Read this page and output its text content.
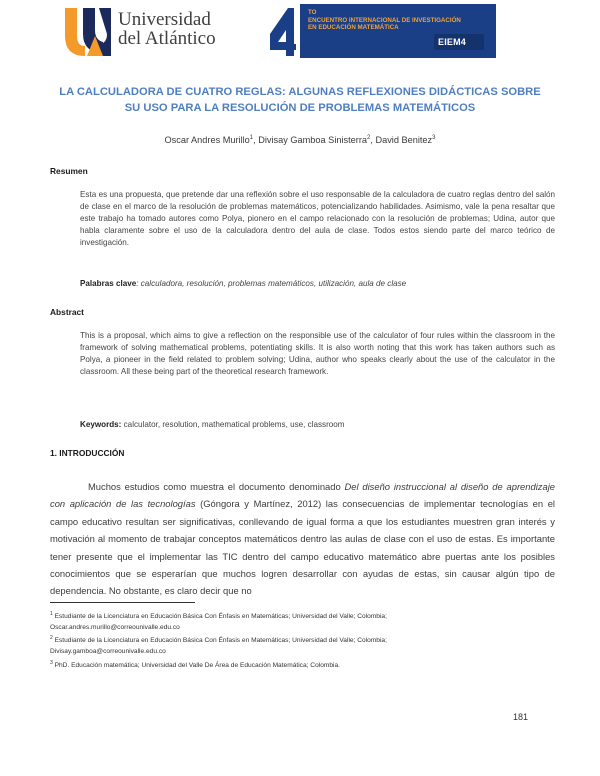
Universidad
del Atlántico
TO
ENCUENTRO INTERNACIONAL DE INVESTIGACIÓN
EN EDUCACIÓN MATEMÁTICA
EIEM4
LA CALCULADORA DE CUATRO REGLAS: ALGUNAS REFLEXIONES DIDÁCTICAS SOBRE
SU USO PARA LA RESOLUCIÓN DE PROBLEMAS MATEMÁTICOS
Oscar Andres Murillo$^1$, Divisay Gamboa Sinisterra$^2$, David Benitez$^3$
Resumen
Esta es una propuesta, que pretende dar una reflexión sobre el uso responsable de la calculadora de cuatro reglas dentro del salón de clase en el marco de la resolución de problemas matemáticos, potencializando habilidades. Asimismo, vale la pena resaltar que este trabajo ha tomado autores como Polya, pionero en el campo relacionado con la resolución de problemas; Udina, autor que habla claramente sobre el uso de la calculadora dentro del aula de clase. Todos estos siendo parte del marco teórico de investigación.
Palabras clave: calculadora, resolución, problemas matemáticos, utilización, aula de clase
Abstract
This is a proposal, which aims to give a reflection on the responsible use of the calculator of four rules within the classroom in the framework of solving mathematical problems, potentiating skills. It is also worth noting that this work has taken authors such as Polya, a pioneer in the field related to problem solving; Udina, author who speaks clearly about the use of the calculator in the classroom. All these being part of the theoretical research framework.
Keywords: calculator, resolution, mathematical problems, use, classroom
1. INTRODUCCIÓN
Muchos estudios como muestra el documento denominado Del diseño instruccional al diseño de aprendizaje con aplicación de las tecnologías (Góngora y Martínez, 2012) las consecuencias de implementar tecnologías en el campo educativo resultan ser significativas, conllevando de igual forma a que los estudiantes muestren gran interés y motivación al momento de trabajar conceptos matemáticos dentro las aulas de clase con el uso de estas. Es importante tener presente que el implementar las TIC dentro del campo educativo matemático abre puertas ante los posibles conocimientos que se esperarían que muchos logren desarrollar con ayudas de estas, sin causar algún tipo de dependencia. No obstante, es claro decir que no
$^1$ Estudiante de la Licenciatura en Educación Básica Con Énfasis en Matemáticas; Universidad del Valle; Colombia;
Oscar.andres.murillo@correounivalle.edu.co
$^2$ Estudiante de la Licenciatura en Educación Básica Con Énfasis en Matemáticas; Universidad del Valle; Colombia;
Divisay.gamboa@correounivalle.edu.co
$^3$ PhD. Educación matemática; Universidad del Valle De Área de Educación Matemática; Colombia.
181
